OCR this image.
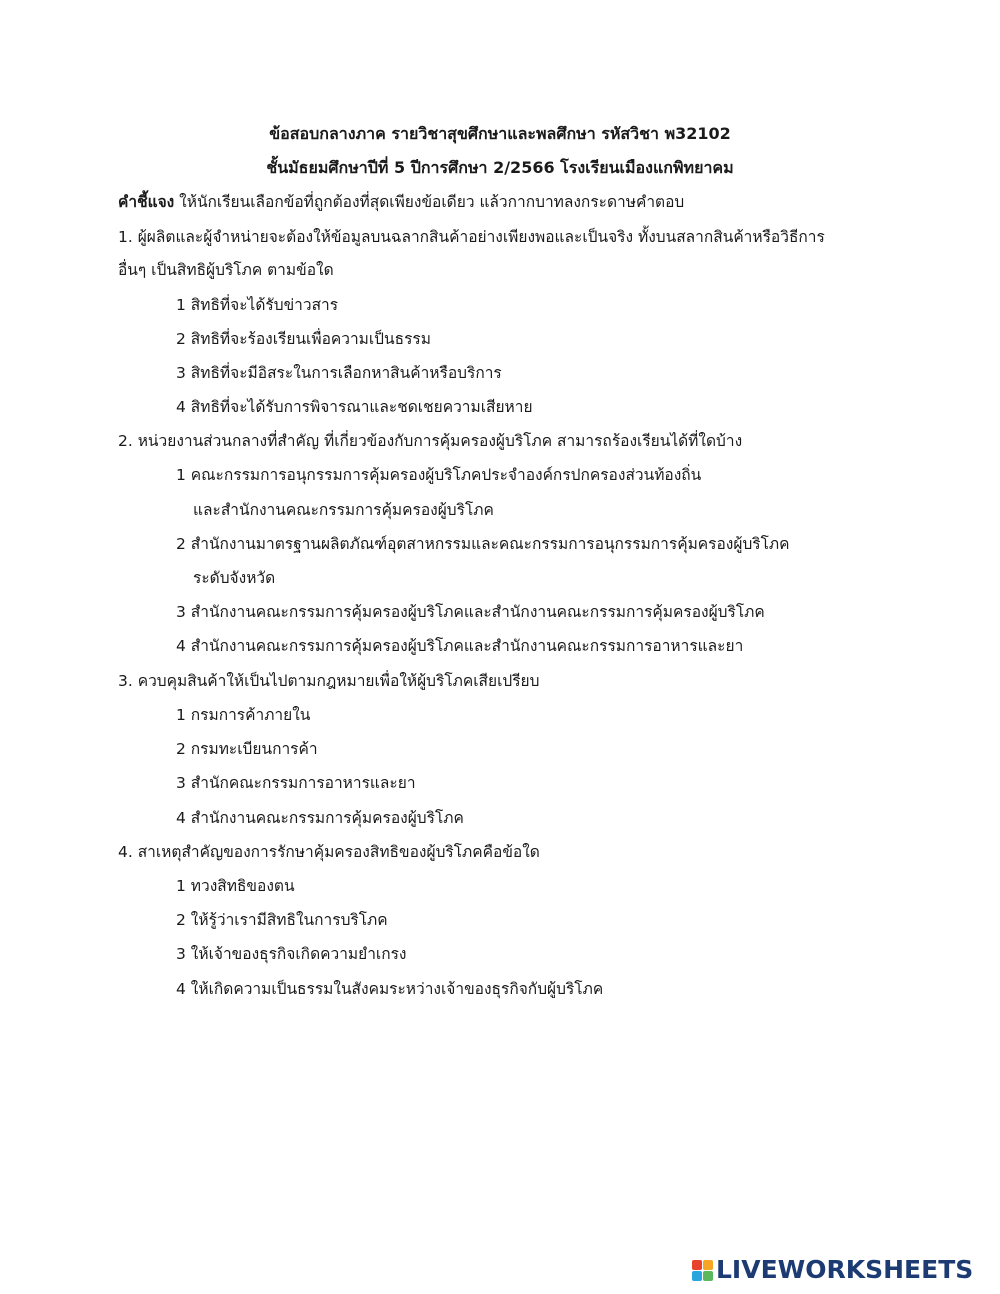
ข้อสอบกลางภาค รายวิชาสุขศึกษาและพลศึกษา รหัสวิชา พ32102
ชั้นมัธยมศึกษาปีที่ 5 ปีการศึกษา 2/2566 โรงเรียนเมืองแกพิทยาคม
คำชี้แจง ให้นักเรียนเลือกข้อที่ถูกต้องที่สุดเพียงข้อเดียว แล้วกากบาทลงกระดาษคำตอบ
1. ผู้ผลิตและผู้จำหน่ายจะต้องให้ข้อมูลบนฉลากสินค้าอย่างเพียงพอและเป็นจริง ทั้งบนสลากสินค้าหรือวิธีการ
อื่นๆ เป็นสิทธิผู้บริโภค ตามข้อใด
1 สิทธิที่จะได้รับข่าวสาร
2 สิทธิที่จะร้องเรียนเพื่อความเป็นธรรม
3 สิทธิที่จะมีอิสระในการเลือกหาสินค้าหรือบริการ
4 สิทธิที่จะได้รับการพิจารณาและชดเชยความเสียหาย
2. หน่วยงานส่วนกลางที่สำคัญ ที่เกี่ยวข้องกับการคุ้มครองผู้บริโภค สามารถร้องเรียนได้ที่ใดบ้าง
1 คณะกรรมการอนุกรรมการคุ้มครองผู้บริโภคประจำองค์กรปกครองส่วนท้องถิ่น
และสำนักงานคณะกรรมการคุ้มครองผู้บริโภค
2 สำนักงานมาตรฐานผลิตภัณฑ์อุตสาหกรรมและคณะกรรมการอนุกรรมการคุ้มครองผู้บริโภค
ระดับจังหวัด
3 สำนักงานคณะกรรมการคุ้มครองผู้บริโภคและสำนักงานคณะกรรมการคุ้มครองผู้บริโภค
4 สำนักงานคณะกรรมการคุ้มครองผู้บริโภคและสำนักงานคณะกรรมการอาหารและยา
3. ควบคุมสินค้าให้เป็นไปตามกฎหมายเพื่อให้ผู้บริโภคเสียเปรียบ
1 กรมการค้าภายใน
2 กรมทะเบียนการค้า
3 สำนักคณะกรรมการอาหารและยา
4 สำนักงานคณะกรรมการคุ้มครองผู้บริโภค
4. สาเหตุสำคัญของการรักษาคุ้มครองสิทธิของผู้บริโภคคือข้อใด
1 ทวงสิทธิของตน
2 ให้รู้ว่าเรามีสิทธิในการบริโภค
3 ให้เจ้าของธุรกิจเกิดความยำเกรง
4 ให้เกิดความเป็นธรรมในสังคมระหว่างเจ้าของธุรกิจกับผู้บริโภค
LIVEWORKSHEETS
